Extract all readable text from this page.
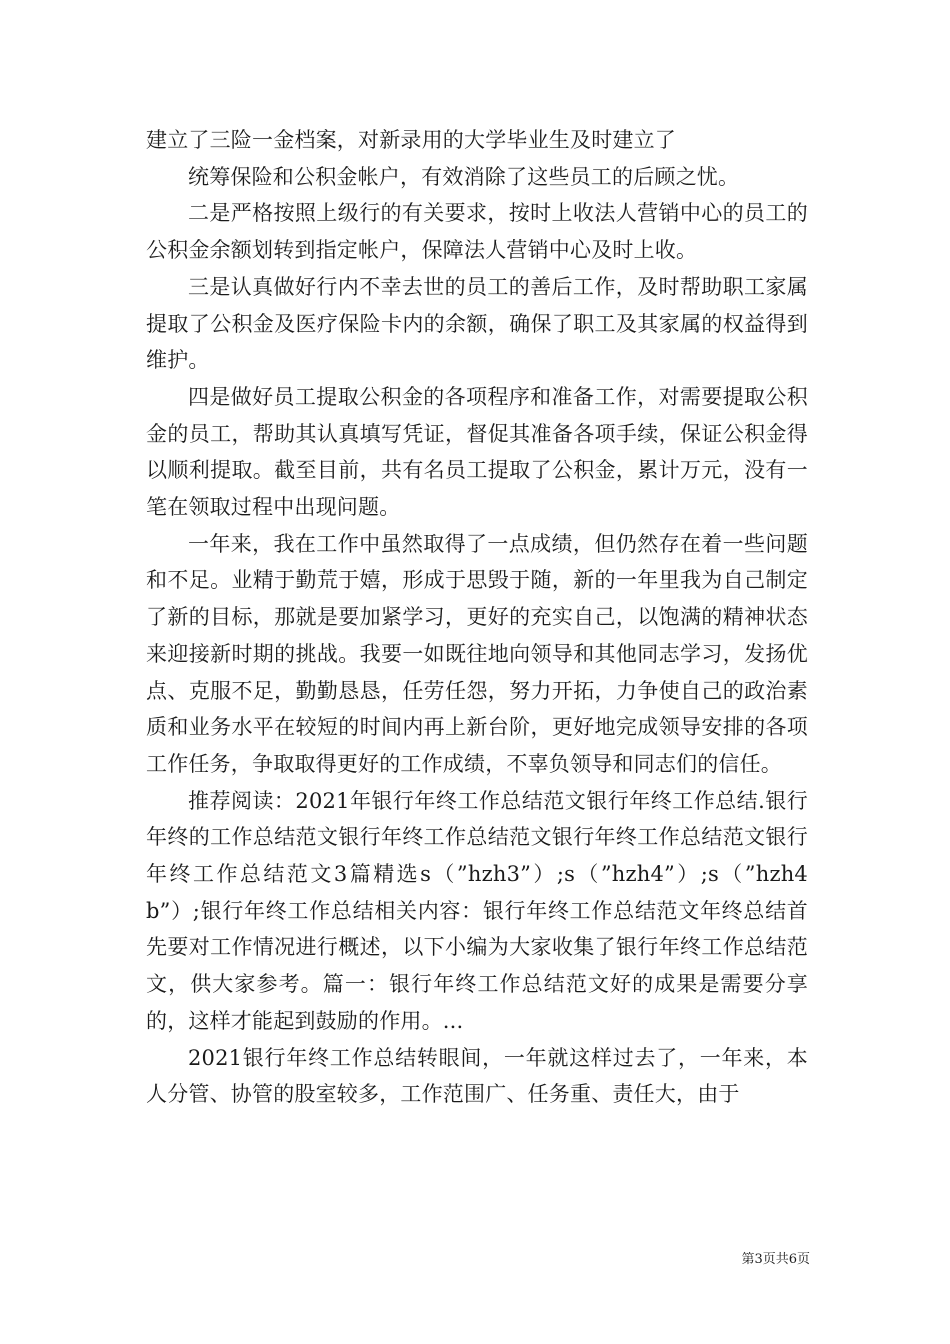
建立了三险一金档案，对新录用的大学毕业生及时建立了

统筹保险和公积金帐户，有效消除了这些员工的后顾之忧。

二是严格按照上级行的有关要求，按时上收法人营销中心的员工的公积金余额划转到指定帐户，保障法人营销中心及时上收。

三是认真做好行内不幸去世的员工的善后工作，及时帮助职工家属提取了公积金及医疗保险卡内的余额，确保了职工及其家属的权益得到维护。

四是做好员工提取公积金的各项程序和准备工作，对需要提取公积金的员工，帮助其认真填写凭证，督促其准备各项手续，保证公积金得以顺利提取。截至目前，共有名员工提取了公积金，累计万元，没有一笔在领取过程中出现问题。

一年来，我在工作中虽然取得了一点成绩，但仍然存在着一些问题和不足。业精于勤荒于嬉，形成于思毁于随，新的一年里我为自己制定了新的目标，那就是要加紧学习，更好的充实自己，以饱满的精神状态来迎接新时期的挑战。我要一如既往地向领导和其他同志学习，发扬优点、克服不足，勤勤恳恳，任劳任怨，努力开拓，力争使自己的政治素质和业务水平在较短的时间内再上新台阶，更好地完成领导安排的各项工作任务，争取取得更好的工作成绩，不辜负领导和同志们的信任。

推荐阅读：2021年银行年终工作总结范文银行年终工作总结.银行年终的工作总结范文银行年终工作总结范文银行年终工作总结范文银行年终工作总结范文3篇精选s（”hzh3”）;s（”hzh4”）;s（”hzh4b”）;银行年终工作总结相关内容：银行年终工作总结范文年终总结首先要对工作情况进行概述，以下小编为大家收集了银行年终工作总结范文，供大家参考。篇一：银行年终工作总结范文好的成果是需要分享的，这样才能起到鼓励的作用。...

2021银行年终工作总结转眼间，一年就这样过去了，一年来，本人分管、协管的股室较多，工作范围广、任务重、责任大，由于

第3页共6页
